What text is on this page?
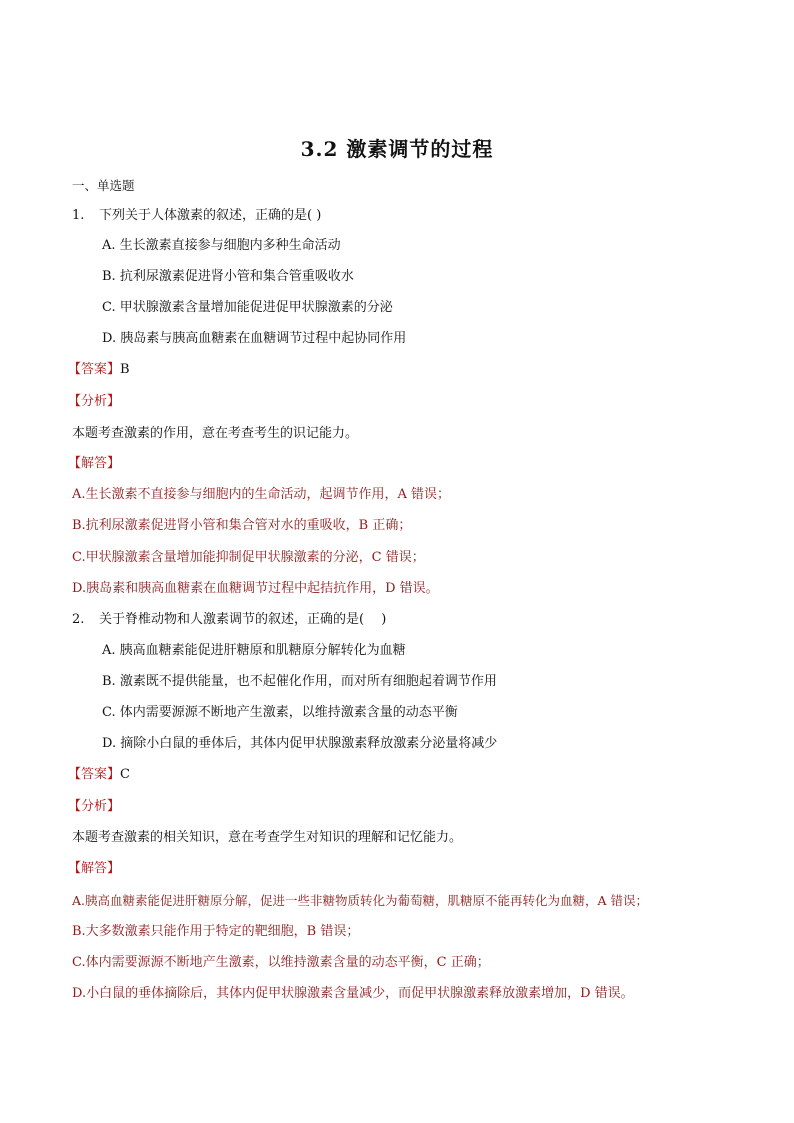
3.2 激素调节的过程
一、单选题
1. 下列关于人体激素的叙述，正确的是( )
A. 生长激素直接参与细胞内多种生命活动
B. 抗利尿激素促进肾小管和集合管重吸收水
C. 甲状腺激素含量增加能促进促甲状腺激素的分泌
D. 胰岛素与胰高血糖素在血糖调节过程中起协同作用
【答案】B
【分析】
本题考查激素的作用，意在考查考生的识记能力。
【解答】
A.生长激素不直接参与细胞内的生命活动，起调节作用，A 错误；
B.抗利尿激素促进肾小管和集合管对水的重吸收，B 正确；
C.甲状腺激素含量增加能抑制促甲状腺激素的分泌，C 错误；
D.胰岛素和胰高血糖素在血糖调节过程中起拮抗作用，D 错误。
2. 关于脊椎动物和人激素调节的叙述，正确的是(　 )
A. 胰高血糖素能促进肝糖原和肌糖原分解转化为血糖
B. 激素既不提供能量，也不起催化作用，而对所有细胞起着调节作用
C. 体内需要源源不断地产生激素，以维持激素含量的动态平衡
D. 摘除小白鼠的垂体后，其体内促甲状腺激素释放激素分泌量将减少
【答案】C
【分析】
本题考查激素的相关知识，意在考查学生对知识的理解和记忆能力。
【解答】
A.胰高血糖素能促进肝糖原分解，促进一些非糖物质转化为葡萄糖，肌糖原不能再转化为血糖，A 错误；
B.大多数激素只能作用于特定的靶细胞，B 错误；
C.体内需要源源不断地产生激素，以维持激素含量的动态平衡，C 正确；
D.小白鼠的垂体摘除后，其体内促甲状腺激素含量减少，而促甲状腺激素释放激素增加，D 错误。
